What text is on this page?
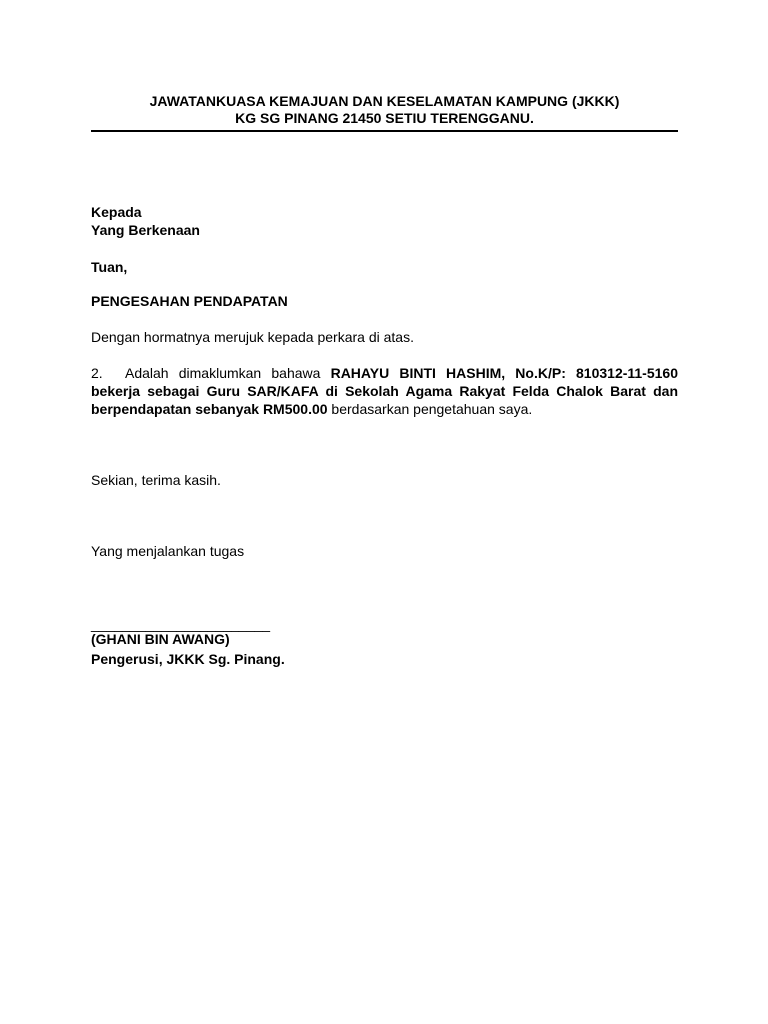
JAWATANKUASA KEMAJUAN DAN KESELAMATAN KAMPUNG (JKKK)
KG SG PINANG 21450 SETIU TERENGGANU.
Kepada
Yang Berkenaan
Tuan,
PENGESAHAN PENDAPATAN
Dengan hormatnya merujuk kepada perkara di atas.
2. Adalah dimaklumkan bahawa RAHAYU BINTI HASHIM, No.K/P: 810312-11-5160 bekerja sebagai Guru SAR/KAFA di Sekolah Agama Rakyat Felda Chalok Barat dan berpendapatan sebanyak RM500.00 berdasarkan pengetahuan saya.
Sekian, terima kasih.
Yang menjalankan tugas
_______________________
(GHANI BIN AWANG)
Pengerusi, JKKK Sg. Pinang.
